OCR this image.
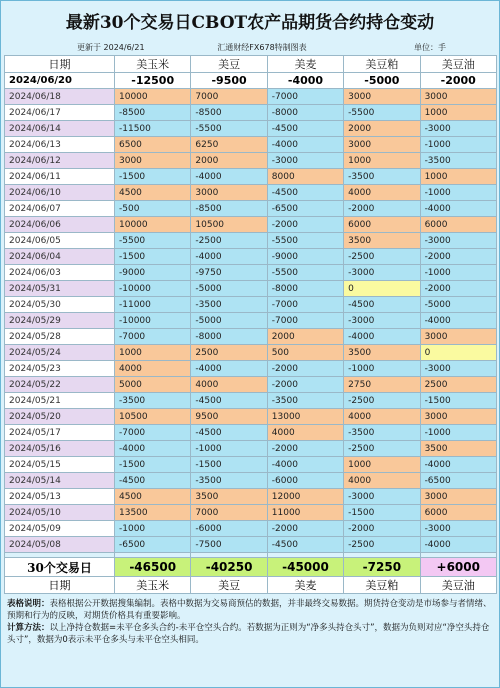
最新30个交易日CBOT农产品期货合约持仓变动
更新于 2024/6/21	汇通财经FX678特制图表	单位：手
日期	美玉米	美豆	美麦	美豆粕	美豆油
2024/06/20	-12500	-9500	-4000	-5000	-2000
2024/06/18	10000	7000	-7000	3000	3000
2024/06/17	-8500	-8500	-8000	-5500	1000
2024/06/14	-11500	-5500	-4500	2000	-3000
2024/06/13	6500	6250	-4000	3000	-1000
2024/06/12	3000	2000	-3000	1000	-3500
2024/06/11	-1500	-4000	8000	-3500	1000
2024/06/10	4500	3000	-4500	4000	-1000
2024/06/07	-500	-8500	-6500	-2000	-4000
2024/06/06	10000	10500	-2000	6000	6000
2024/06/05	-5500	-2500	-5500	3500	-3000
2024/06/04	-1500	-4000	-9000	-2500	-2000
2024/06/03	-9000	-9750	-5500	-3000	-1000
2024/05/31	-10000	-5000	-8000	0	-2000
2024/05/30	-11000	-3500	-7000	-4500	-5000
2024/05/29	-10000	-5000	-7000	-3000	-4000
2024/05/28	-7000	-8000	2000	-4000	3000
2024/05/24	1000	2500	500	3500	0
2024/05/23	4000	-4000	-2000	-1000	-3000
2024/05/22	5000	4000	-2000	2750	2500
2024/05/21	-3500	-4500	-3500	-2500	-1500
2024/05/20	10500	9500	13000	4000	3000
2024/05/17	-7000	-4500	4000	-3500	-1000
2024/05/16	-4000	-1000	-2000	-2500	3500
2024/05/15	-1500	-1500	-4000	1000	-4000
2024/05/14	-4500	-3500	-6000	4000	-6500
2024/05/13	4500	3500	12000	-3000	3000
2024/05/10	13500	7000	11000	-1500	6000
2024/05/09	-1000	-6000	-2000	-2000	-3000
2024/05/08	-6500	-7500	-4500	-2500	-4000

30个交易日	-46500	-40250	-45000	-7250	+6000
日期	美玉米	美豆	美麦	美豆粕	美豆油

表格说明：表格根据公开数据搜集编制。表格中数据为交易商预估的数据，并非最终交易数据。期货持仓变动是市场参与者情绪、预期和行为的反映，对期货价格具有重要影响。

计算方法：以上净持仓数据=未平仓多头合约-未平仓空头合约。若数据为正则为“净多头持仓头寸”，数据为负则对应“净空头持仓头寸”，数据为0表示未平仓多头与未平仓空头相同。
